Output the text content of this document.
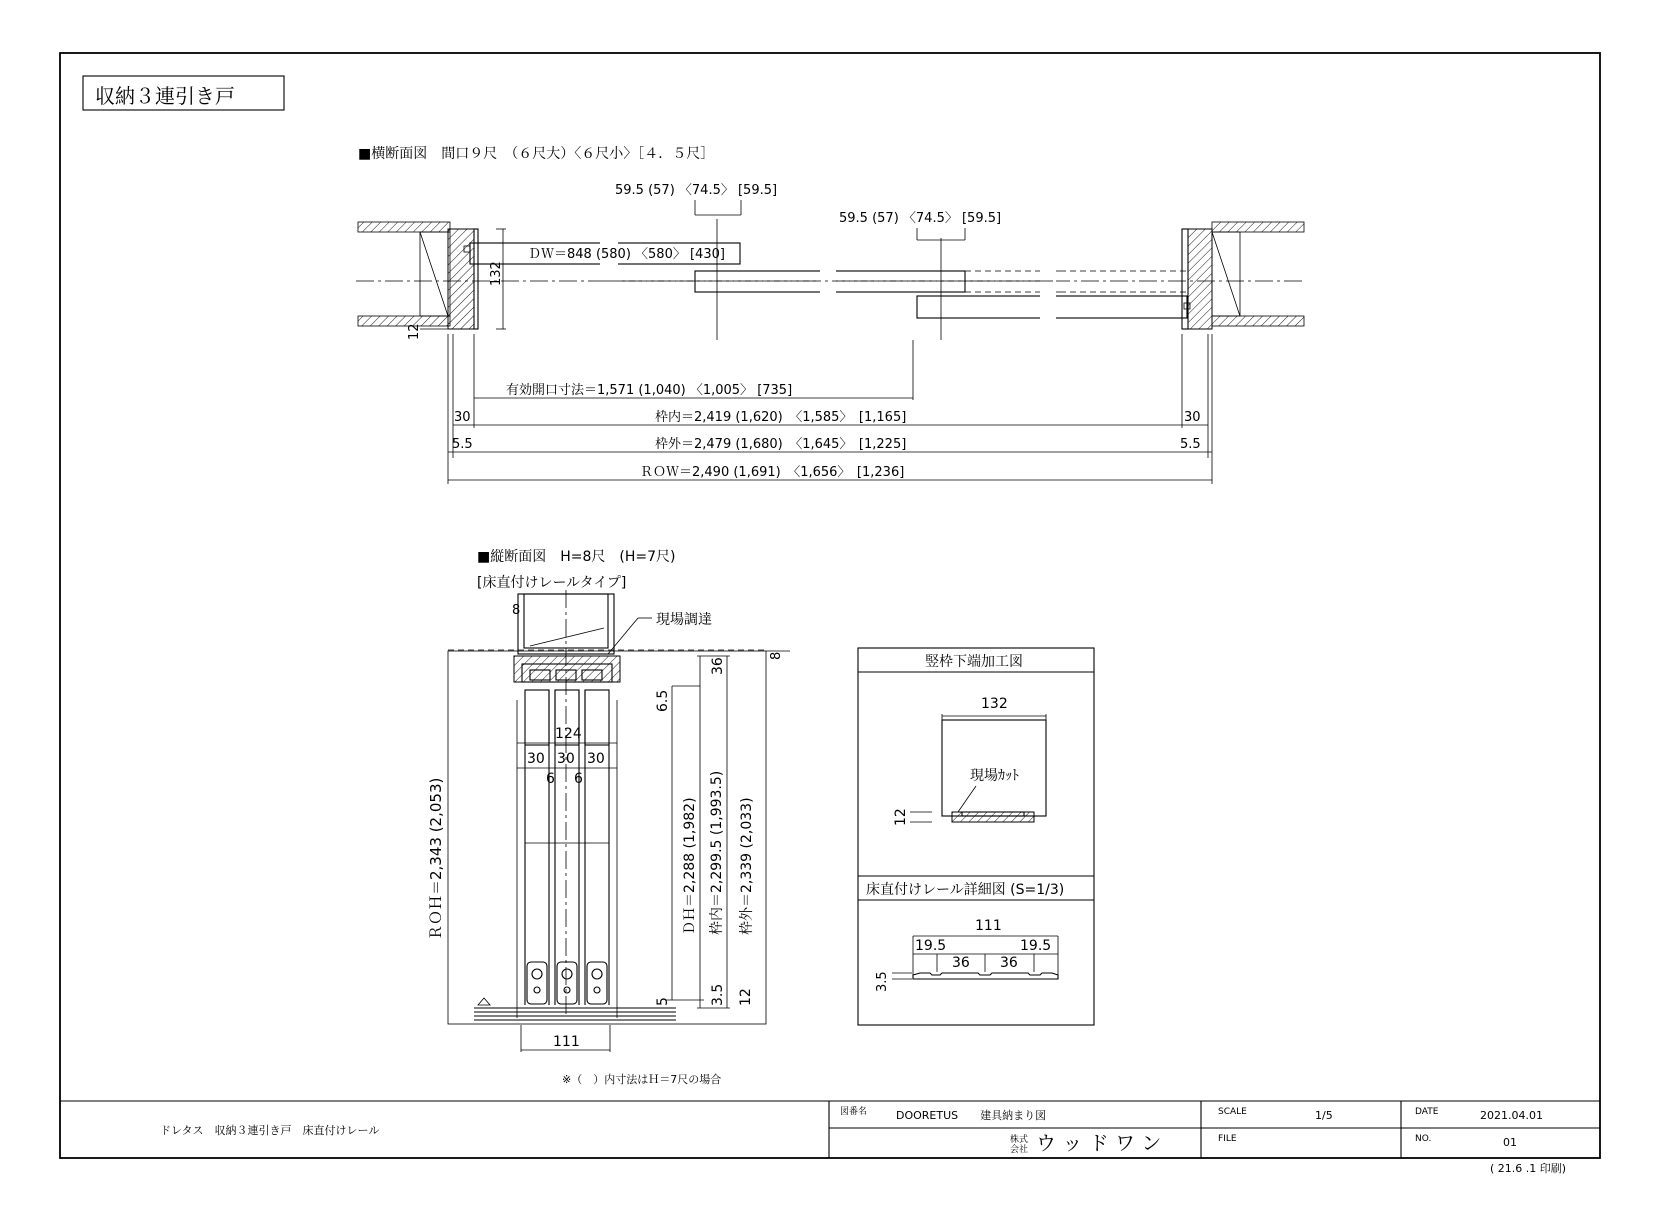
収納３連引き戸
■横断面図　間口９尺　（６尺大）〈６尺小〉［４．５尺］
59.5 (57) 〈74.5〉 [59.5]
59.5 (57) 〈74.5〉 [59.5]
ＤＷ＝848 (580) 〈580〉 [430]
132
12
有効開口寸法＝1,571 (1,040) 〈1,005〉 [735]
枠内＝2,419 (1,620)　〈1,585〉　[1,165]
30	30
枠外＝2,479 (1,680)　〈1,645〉　[1,225]
5.5	5.5
ＲＯＷ＝2,490 (1,691)　〈1,656〉　[1,236]
■縦断面図　H=8尺　(H=7尺)
[床直付けレールタイプ]
8
現場調達
8
124
30 30 30
6 6
111
36
6.5
5	3.5 12
ＤＨ＝2,288 (1,982) 枠内＝2,299.5 (1,993.5) 枠外＝2,339 (2,033)
ＲＯＨ＝2,343 (2,053)
※（　）内寸法はＨ＝7尺の場合
竪枠下端加工図
132
現場ｶｯﾄ
12
床直付けレール詳細図 (S=1/3)
111
19.5	19.5
36 36
3.5
ドレタス　収納３連引き戸　床直付けレール
図番名	DOORETUS　　建具納まり図
株式
会社 ウ ッ ド ワ ン
SCALE	1/5
FILE
DATE	2021.04.01
NO.	01
( 21.6 .1 印刷)
